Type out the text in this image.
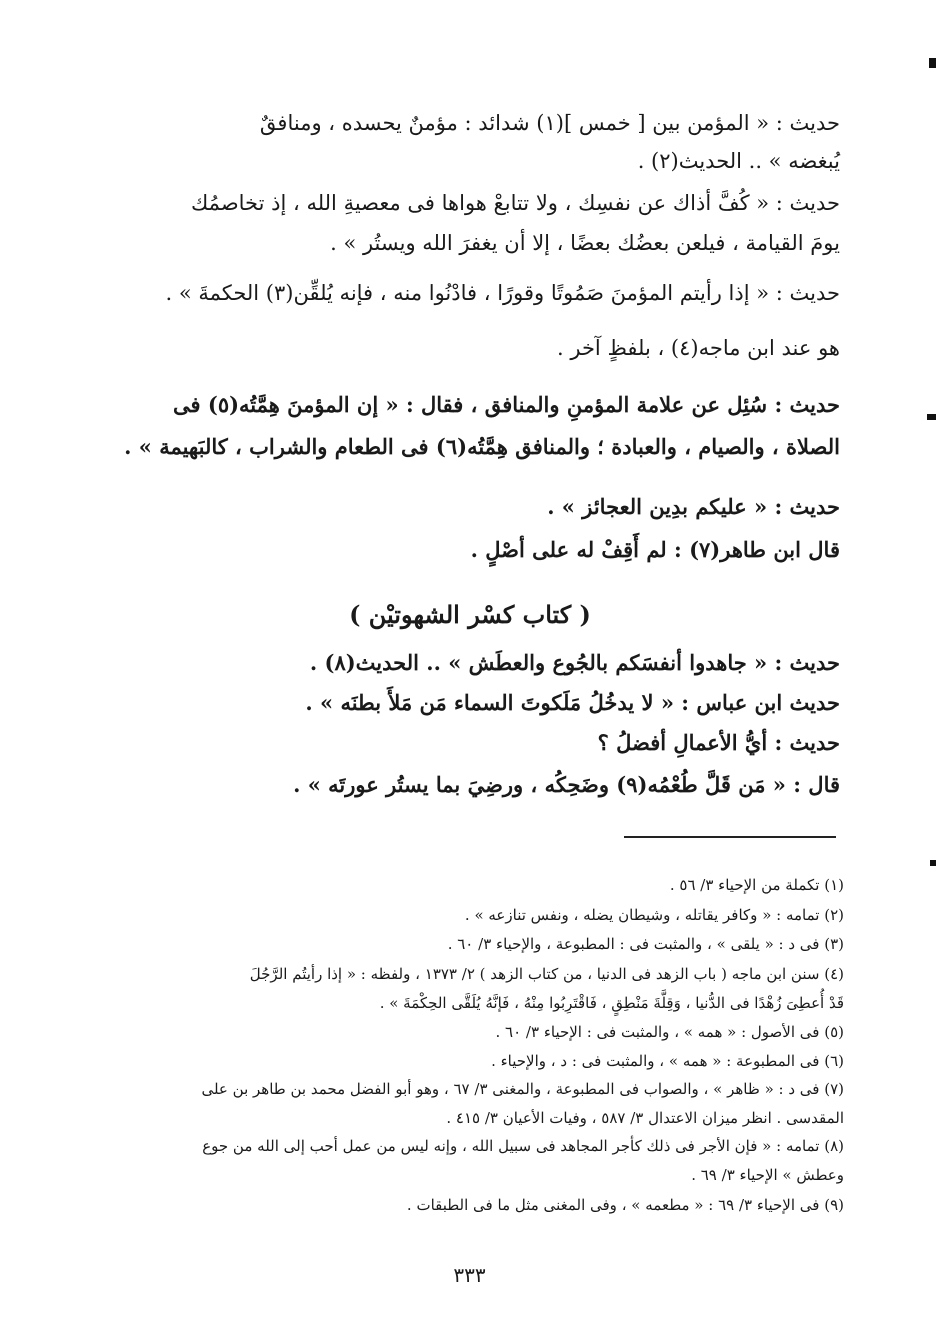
حديث : « المؤمن بين [ خمس ](١) شدائد : مؤمنٌ يحسده ، ومنافقٌ
يُبغضه » .. الحديث(٢) .
حديث : « كُفَّ أذاك عن نفسِك ، ولا تتابعْ هواها فى معصيةِ الله ، إذ تخاصمُك
يومَ القيامة ، فيلعن بعضُك بعضًا ، إلا أن يغفرَ الله ويستُر » .
حديث : « إذا رأيتم المؤمنَ صَمُوتًا وقورًا ، فادْنُوا منه ، فإنه يُلقِّن(٣) الحكمةَ » .
هو عند ابن ماجه(٤) ، بلفظٍ آخر .
حديث : سُئِل عن علامة المؤمنِ والمنافق ، فقال : « إن المؤمنَ هِمَّتُه(٥) فى
الصلاة ، والصيام ، والعبادة ؛ والمنافق هِمَّتُه(٦) فى الطعام والشراب ، كالبَهيمة » .
حديث : « عليكم بدِين العجائز » .
قال ابن طاهر(٧) : لم أَقِفْ له على أصْلٍ .
( كتاب كسْر الشهوتيْن )
حديث : « جاهدوا أنفسَكم بالجُوع والعطَش » .. الحديث(٨) .
حديث ابن عباس : « لا يدخُلُ مَلَكوتَ السماء مَن مَلأَ بطنَه » .
حديث : أيُّ الأعمالِ أفضلُ ؟
قال : « مَن قَلَّ طُعْمُه(٩) وضَحِكُه ، ورضِيَ بما يستُر عورتَه » .
(١) تكملة من الإحياء ٣/ ٥٦ .
(٢) تمامه : « وكافر يقاتله ، وشيطان يضله ، ونفس تنازعه » .
(٣) فى د : « يلقى » ، والمثبت فى : المطبوعة ، والإحياء ٣/ ٦٠ .
(٤) سنن ابن ماجه ( باب الزهد فى الدنيا ، من كتاب الزهد ) ٢/ ١٣٧٣ ، ولفظه : « إذا رأيتُم الرَّجُلَ
قَدْ أُعطِىَ زُهْدًا فى الدُّنيا ، وَقِلَّةَ مَنْطِقٍ ، فَاقْتَرِبُوا مِنْهُ ، فَإنَّهُ يُلَقَّى الحِكْمَةَ » .
(٥) فى الأصول : « همه » ، والمثبت فى : الإحياء ٣/ ٦٠ .
(٦) فى المطبوعة : « همه » ، والمثبت فى : د ، والإحياء .
(٧) فى د : « ظاهر » ، والصواب فى المطبوعة ، والمغنى ٣/ ٦٧ ، وهو أبو الفضل محمد بن طاهر بن على
المقدسى . انظر ميزان الاعتدال ٣/ ٥٨٧ ، وفيات الأعيان ٣/ ٤١٥ .
(٨) تمامه : « فإن الأجر فى ذلك كأجر المجاهد فى سبيل الله ، وإنه ليس من عمل أحب إلى الله من جوع
وعطش » الإحياء ٣/ ٦٩ .
(٩) فى الإحياء ٣/ ٦٩ : « مطعمه » ، وفى المغنى مثل ما فى الطبقات .
٣٣٣
